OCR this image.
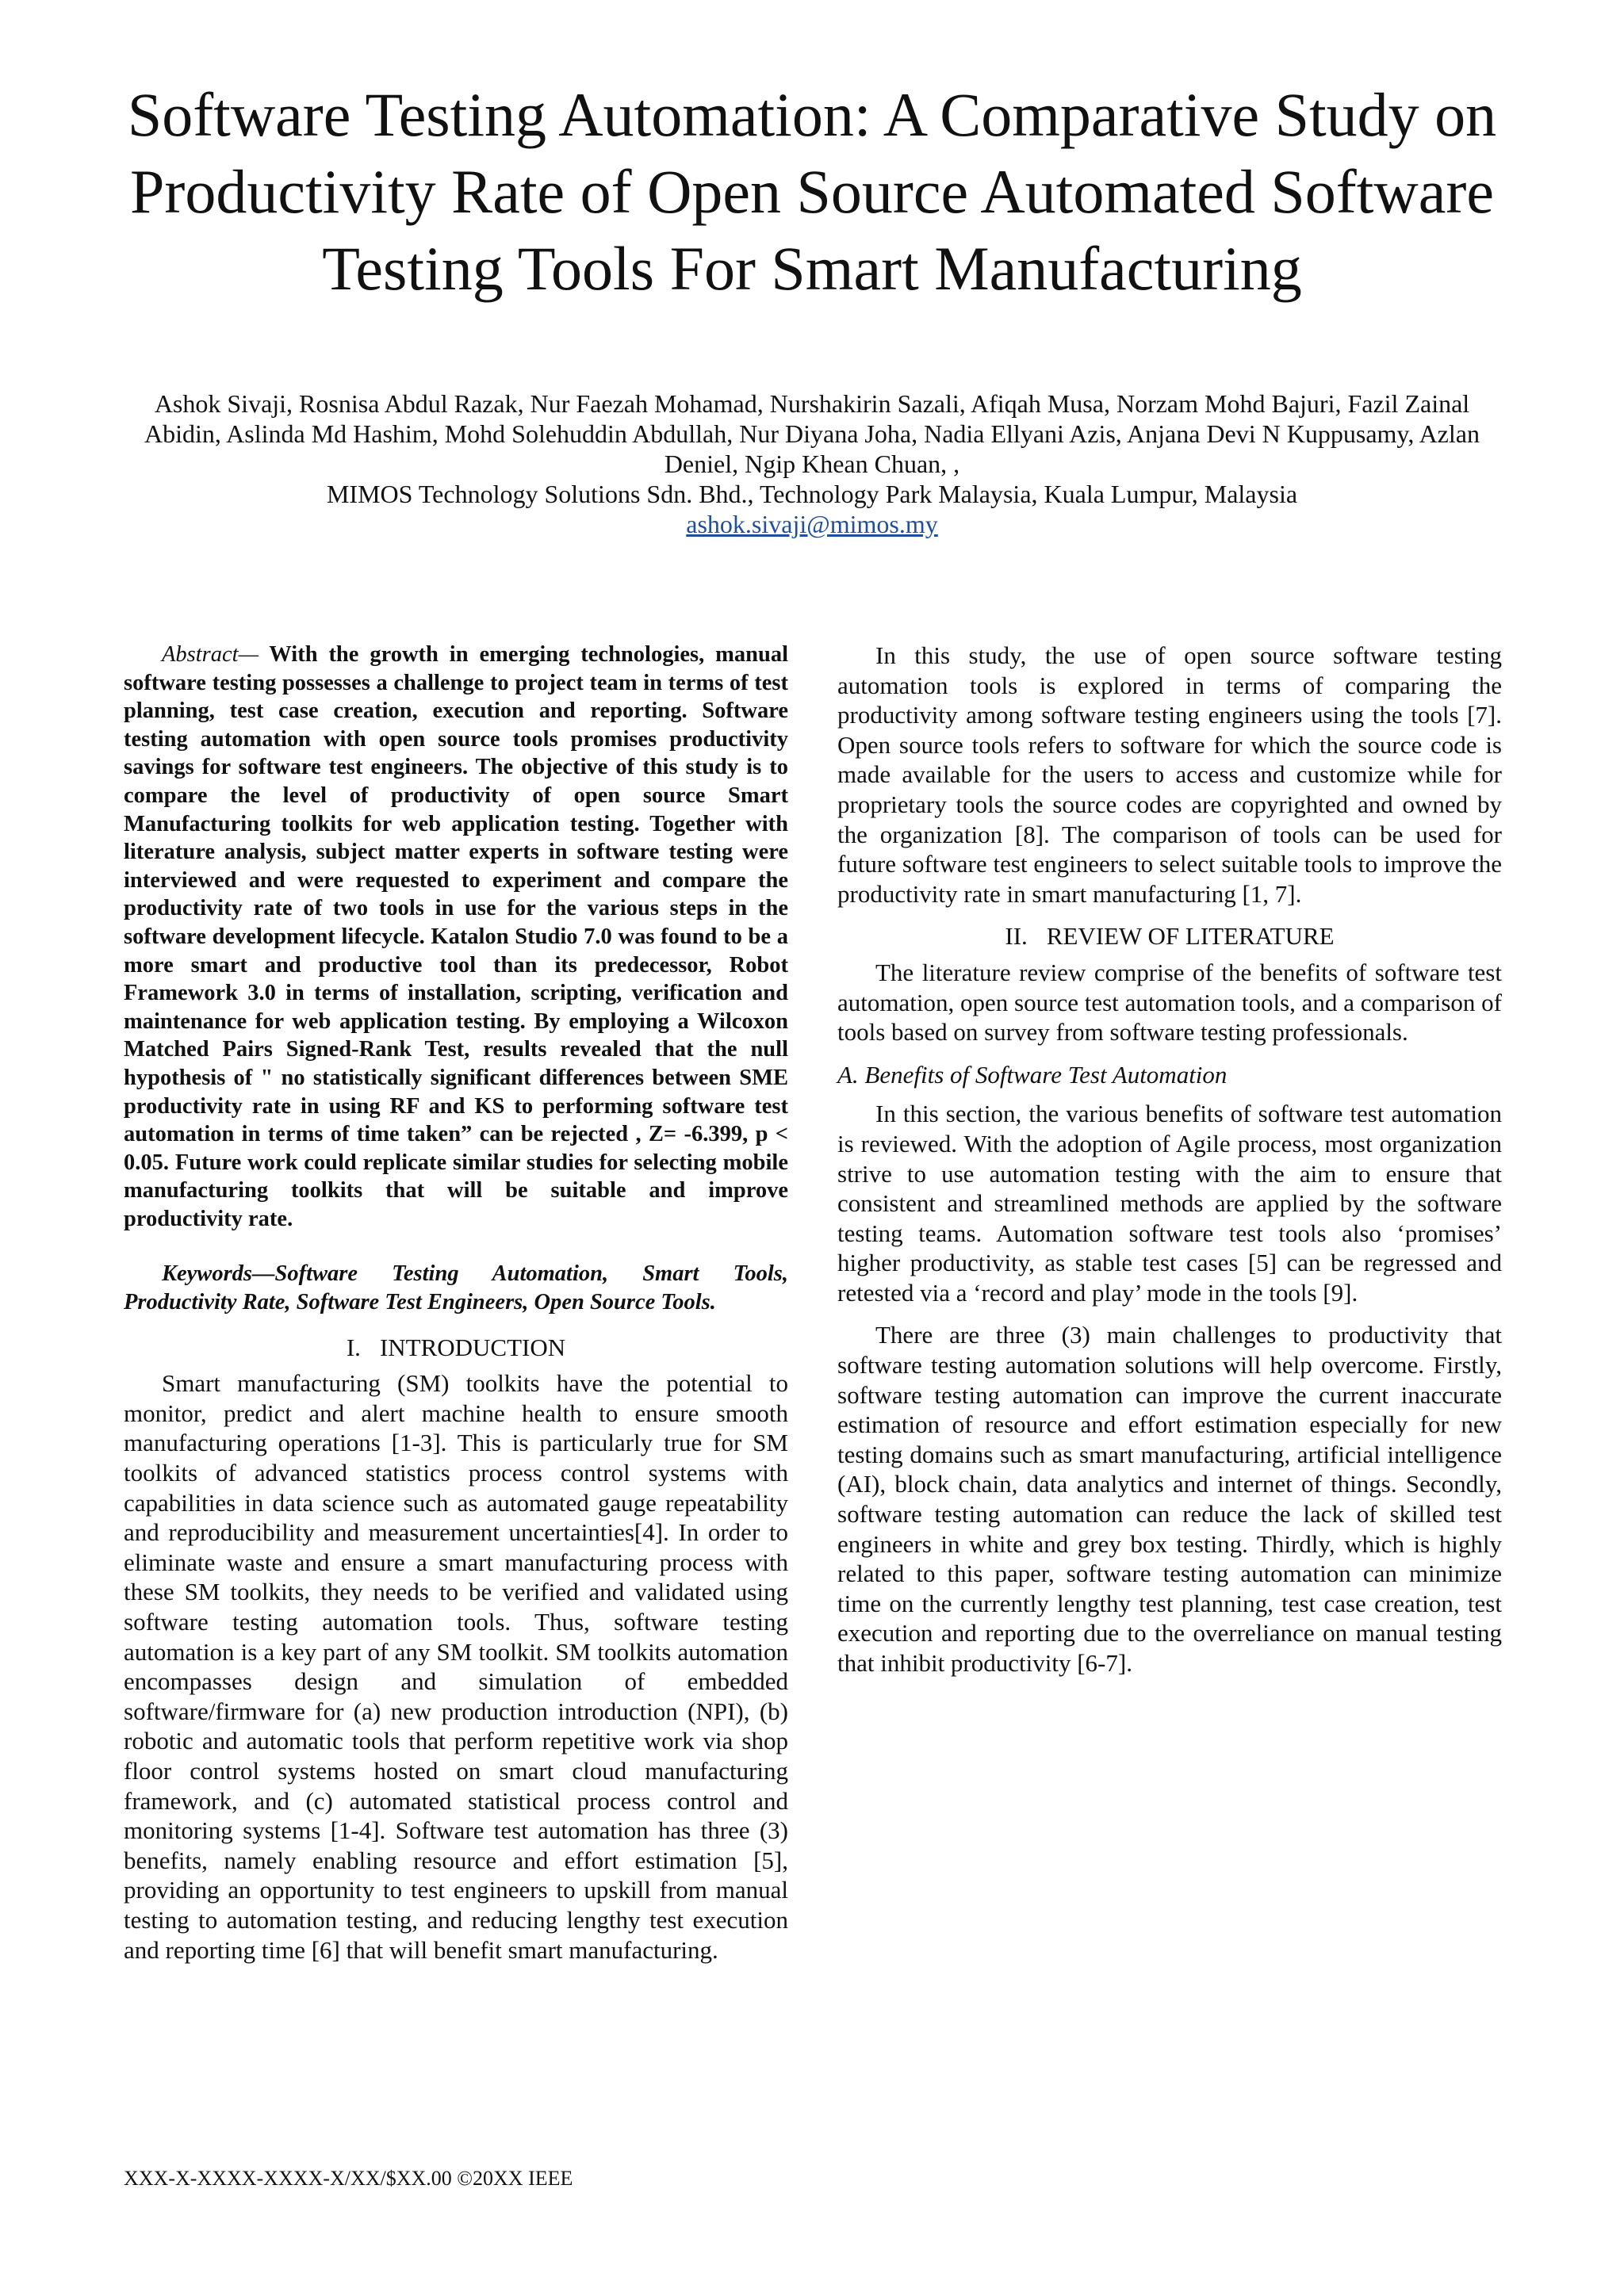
Software Testing Automation: A Comparative Study on Productivity Rate of Open Source Automated Software Testing Tools For Smart Manufacturing
Ashok Sivaji, Rosnisa Abdul Razak, Nur Faezah Mohamad, Nurshakirin Sazali, Afiqah Musa, Norzam Mohd Bajuri, Fazil Zainal Abidin, Aslinda Md Hashim, Mohd Solehuddin Abdullah, Nur Diyana Joha, Nadia Ellyani Azis, Anjana Devi N Kuppusamy, Azlan Deniel, Ngip Khean Chuan, ,
MIMOS Technology Solutions Sdn. Bhd., Technology Park Malaysia, Kuala Lumpur, Malaysia
ashok.sivaji@mimos.my

Abstract— With the growth in emerging technologies, manual software testing possesses a challenge to project team in terms of test planning, test case creation, execution and reporting. Software testing automation with open source tools promises productivity savings for software test engineers. The objective of this study is to compare the level of productivity of open source Smart Manufacturing toolkits for web application testing. Together with literature analysis, subject matter experts in software testing were interviewed and were requested to experiment and compare the productivity rate of two tools in use for the various steps in the software development lifecycle. Katalon Studio 7.0 was found to be a more smart and productive tool than its predecessor, Robot Framework 3.0 in terms of installation, scripting, verification and maintenance for web application testing. By employing a Wilcoxon Matched Pairs Signed-Rank Test, results revealed that the null hypothesis of " no statistically significant differences between SME productivity rate in using RF and KS to performing software test automation in terms of time taken” can be rejected , Z= -6.399, p < 0.05. Future work could replicate similar studies for selecting mobile manufacturing toolkits that will be suitable and improve productivity rate.

Keywords—Software Testing Automation, Smart Tools, Productivity Rate, Software Test Engineers, Open Source Tools.

I. INTRODUCTION

Smart manufacturing (SM) toolkits have the potential to monitor, predict and alert machine health to ensure smooth manufacturing operations [1-3]. This is particularly true for SM toolkits of advanced statistics process control systems with capabilities in data science such as automated gauge repeatability and reproducibility and measurement uncertainties[4]. In order to eliminate waste and ensure a smart manufacturing process with these SM toolkits, they needs to be verified and validated using software testing automation tools. Thus, software testing automation is a key part of any SM toolkit. SM toolkits automation encompasses design and simulation of embedded software/firmware for (a) new production introduction (NPI), (b) robotic and automatic tools that perform repetitive work via shop floor control systems hosted on smart cloud manufacturing framework, and (c) automated statistical process control and monitoring systems [1-4]. Software test automation has three (3) benefits, namely enabling resource and effort estimation [5], providing an opportunity to test engineers to upskill from manual testing to automation testing, and reducing lengthy test execution and reporting time [6] that will benefit smart manufacturing.

In this study, the use of open source software testing automation tools is explored in terms of comparing the productivity among software testing engineers using the tools [7]. Open source tools refers to software for which the source code is made available for the users to access and customize while for proprietary tools the source codes are copyrighted and owned by the organization [8]. The comparison of tools can be used for future software test engineers to select suitable tools to improve the productivity rate in smart manufacturing [1, 7].

II. REVIEW OF LITERATURE

The literature review comprise of the benefits of software test automation, open source test automation tools, and a comparison of tools based on survey from software testing professionals.

A. Benefits of Software Test Automation

In this section, the various benefits of software test automation is reviewed. With the adoption of Agile process, most organization strive to use automation testing with the aim to ensure that consistent and streamlined methods are applied by the software testing teams. Automation software test tools also ‘promises’ higher productivity, as stable test cases [5] can be regressed and retested via a ‘record and play’ mode in the tools [9].

There are three (3) main challenges to productivity that software testing automation solutions will help overcome. Firstly, software testing automation can improve the current inaccurate estimation of resource and effort estimation especially for new testing domains such as smart manufacturing, artificial intelligence (AI), block chain, data analytics and internet of things. Secondly, software testing automation can reduce the lack of skilled test engineers in white and grey box testing. Thirdly, which is highly related to this paper, software testing automation can minimize time on the currently lengthy test planning, test case creation, test execution and reporting due to the overreliance on manual testing that inhibit productivity [6-7].

XXX-X-XXXX-XXXX-X/XX/$XX.00 ©20XX IEEE
